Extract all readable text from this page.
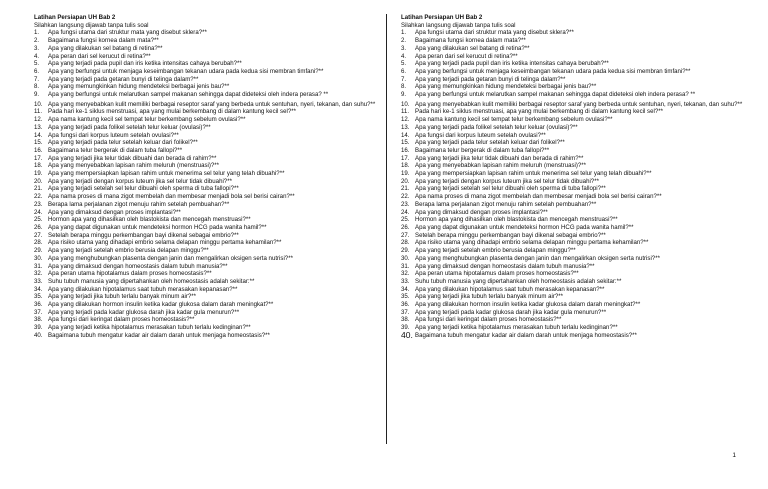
Latihan Persiapan UH Bab 2

Silahkan langsung dijawab tanpa tulis soal

1. Apa fungsi utama dari struktur mata yang disebut sklera?**
2. Bagaimana fungsi kornea dalam mata?**
3. Apa yang dilakukan sel batang di retina?**
4. Apa peran dari sel kerucut di retina?**
5. Apa yang terjadi pada pupil dan iris ketika intensitas cahaya berubah?**
6. Apa yang berfungsi untuk menjaga keseimbangan tekanan udara pada kedua sisi membran timfani?**
7. Apa yang terjadi pada getaran bunyi di telinga dalam?**
8. Apa yang memungkinkan hidung mendeteksi berbagai jenis bau?**
9. Apa yang berfungsi untuk melarutkan sampel makanan sehingga dapat dideteksi oleh indera perasa? **
10. Apa yang menyebabkan kulit memiliki berbagai reseptor saraf yang berbeda untuk sentuhan, nyeri, tekanan, dan suhu?**
11. Pada hari ke-1 siklus menstruasi, apa yang mulai berkembang di dalam kantung kecil sel?**
12. Apa nama kantung kecil sel tempat telur berkembang sebelum ovulasi?**
13. Apa yang terjadi pada folikel setelah telur keluar (ovulasi)?**
14. Apa fungsi dari korpus luteum setelah ovulasi?**
15. Apa yang terjadi pada telur setelah keluar dari folikel?**
16. Bagaimana telur bergerak di dalam tuba fallopi?**
17. Apa yang terjadi jika telur tidak dibuahi dan berada di rahim?**
18. Apa yang menyebabkan lapisan rahim meluruh (menstruasi)?**
19. Apa yang mempersiapkan lapisan rahim untuk menerima sel telur yang telah dibuahi?**
20. Apa yang terjadi dengan korpus luteum jika sel telur tidak dibuahi?**
21. Apa yang terjadi setelah sel telur dibuahi oleh sperma di tuba fallopi?**
22. Apa nama proses di mana zigot membelah dan membesar menjadi bola sel berisi cairan?**
23. Berapa lama perjalanan zigot menuju rahim setelah pembuahan?**
24. Apa yang dimaksud dengan proses implantasi?**
25. Hormon apa yang dihasilkan oleh blastokista dan mencegah menstruasi?**
26. Apa yang dapat digunakan untuk mendeteksi hormon HCG pada wanita hamil?**
27. Setelah berapa minggu perkembangan bayi dikenal sebagai embrio?**
28. Apa risiko utama yang dihadapi embrio selama delapan minggu pertama kehamilan?**
29. Apa yang terjadi setelah embrio berusia delapan minggu?**
30. Apa yang menghubungkan plasenta dengan janin dan mengalirkan oksigen serta nutrisi?**
31. Apa yang dimaksud dengan homeostasis dalam tubuh manusia?**
32. Apa peran utama hipotalamus dalam proses homeostasis?**
33. Suhu tubuh manusia yang dipertahankan oleh homeostasis adalah sekitar:**
34. Apa yang dilakukan hipotalamus saat tubuh merasakan kepanasan?**
35. Apa yang terjadi jika tubuh terlalu banyak minum air?**
36. Apa yang dilakukan hormon insulin ketika kadar glukosa dalam darah meningkat?**
37. Apa yang terjadi pada kadar glukosa darah jika kadar gula menurun?**
38. Apa fungsi dari keringat dalam proses homeostasis?**
39. Apa yang terjadi ketika hipotalamus merasakan tubuh terlalu kedinginan?**
40. Bagaimana tubuh mengatur kadar air dalam darah untuk menjaga homeostasis?**

Latihan Persiapan UH Bab 2

Silahkan langsung dijawab tanpa tulis soal

1. Apa fungsi utama dari struktur mata yang disebut sklera?**
2. Bagaimana fungsi kornea dalam mata?**
3. Apa yang dilakukan sel batang di retina?**
4. Apa peran dari sel kerucut di retina?**
5. Apa yang terjadi pada pupil dan iris ketika intensitas cahaya berubah?**
6. Apa yang berfungsi untuk menjaga keseimbangan tekanan udara pada kedua sisi membran timfani?**
7. Apa yang terjadi pada getaran bunyi di telinga dalam?**
8. Apa yang memungkinkan hidung mendeteksi berbagai jenis bau?**
9. Apa yang berfungsi untuk melarutkan sampel makanan sehingga dapat dideteksi oleh indera perasa? **
10. Apa yang menyebabkan kulit memiliki berbagai reseptor saraf yang berbeda untuk sentuhan, nyeri, tekanan, dan suhu?**
11. Pada hari ke-1 siklus menstruasi, apa yang mulai berkembang di dalam kantung kecil sel?**
12. Apa nama kantung kecil sel tempat telur berkembang sebelum ovulasi?**
13. Apa yang terjadi pada folikel setelah telur keluar (ovulasi)?**
14. Apa fungsi dari korpus luteum setelah ovulasi?**
15. Apa yang terjadi pada telur setelah keluar dari folikel?**
16. Bagaimana telur bergerak di dalam tuba fallopi?**
17. Apa yang terjadi jika telur tidak dibuahi dan berada di rahim?**
18. Apa yang menyebabkan lapisan rahim meluruh (menstruasi)?**
19. Apa yang mempersiapkan lapisan rahim untuk menerima sel telur yang telah dibuahi?**
20. Apa yang terjadi dengan korpus luteum jika sel telur tidak dibuahi?**
21. Apa yang terjadi setelah sel telur dibuahi oleh sperma di tuba fallopi?**
22. Apa nama proses di mana zigot membelah dan membesar menjadi bola sel berisi cairan?**
23. Berapa lama perjalanan zigot menuju rahim setelah pembuahan?**
24. Apa yang dimaksud dengan proses implantasi?**
25. Hormon apa yang dihasilkan oleh blastokista dan mencegah menstruasi?**
26. Apa yang dapat digunakan untuk mendeteksi hormon HCG pada wanita hamil?**
27. Setelah berapa minggu perkembangan bayi dikenal sebagai embrio?**
28. Apa risiko utama yang dihadapi embrio selama delapan minggu pertama kehamilan?**
29. Apa yang terjadi setelah embrio berusia delapan minggu?**
30. Apa yang menghubungkan plasenta dengan janin dan mengalirkan oksigen serta nutrisi?**
31. Apa yang dimaksud dengan homeostasis dalam tubuh manusia?**
32. Apa peran utama hipotalamus dalam proses homeostasis?**
33. Suhu tubuh manusia yang dipertahankan oleh homeostasis adalah sekitar:**
34. Apa yang dilakukan hipotalamus saat tubuh merasakan kepanasan?**
35. Apa yang terjadi jika tubuh terlalu banyak minum air?**
36. Apa yang dilakukan hormon insulin ketika kadar glukosa dalam darah meningkat?**
37. Apa yang terjadi pada kadar glukosa darah jika kadar gula menurun?**
38. Apa fungsi dari keringat dalam proses homeostasis?**
39. Apa yang terjadi ketika hipotalamus merasakan tubuh terlalu kedinginan?**
40. Bagaimana tubuh mengatur kadar air dalam darah untuk menjaga homeostasis?**
1
